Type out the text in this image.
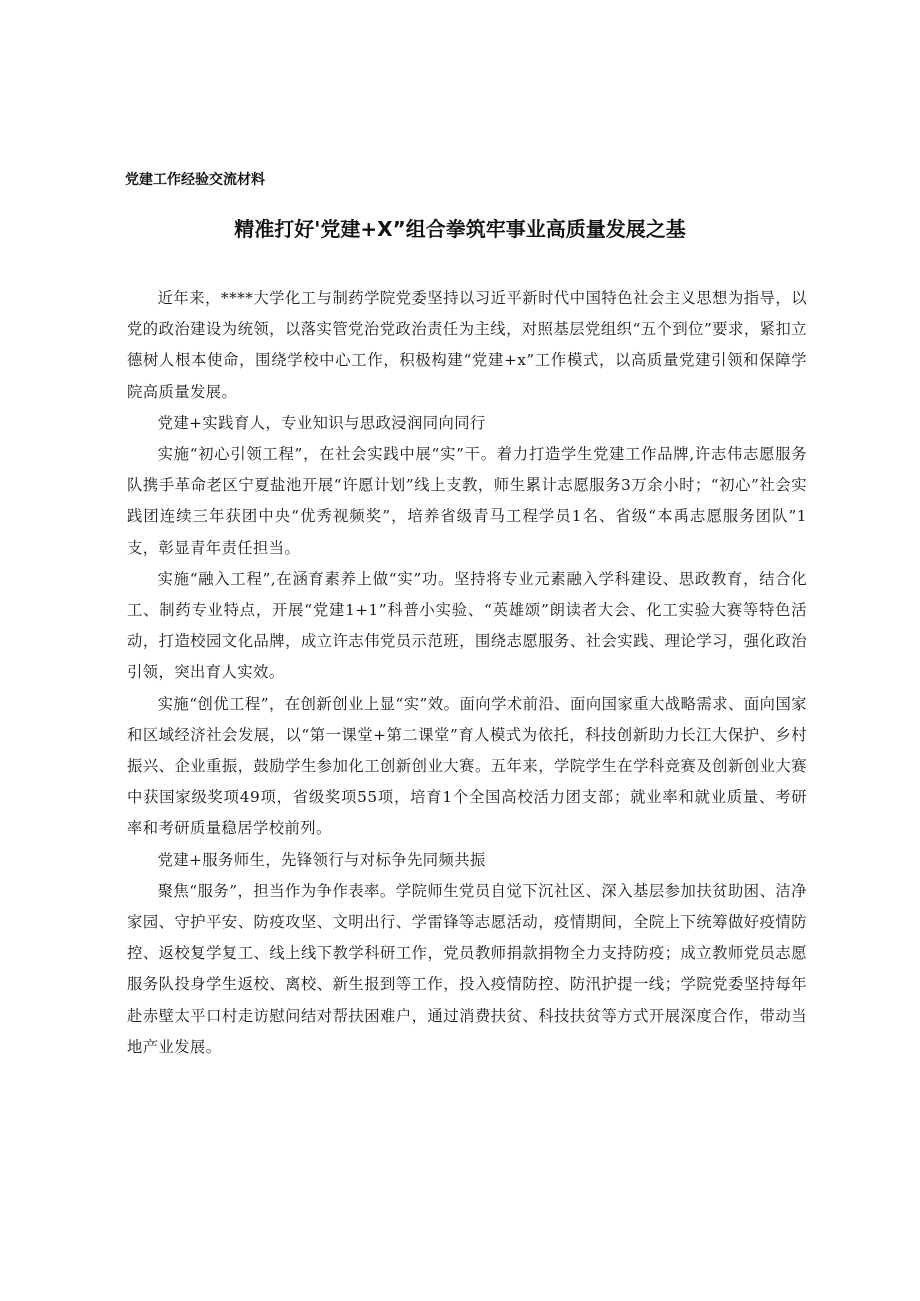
党建工作经验交流材料
精准打好'党建+X”组合拳筑牢事业高质量发展之基

近年来，****大学化工与制药学院党委坚持以习近平新时代中国特色社会主义思想为指导，以党的政治建设为统领，以落实管党治党政治责任为主线，对照基层党组织“五个到位”要求，紧扣立德树人根本使命，围绕学校中心工作，积极构建“党建+x”工作模式，以高质量党建引领和保障学院高质量发展。

党建+实践育人，专业知识与思政浸润同向同行

实施“初心引领工程”，在社会实践中展“实”干。着力打造学生党建工作品牌,许志伟志愿服务队携手革命老区宁夏盐池开展“许愿计划”线上支教，师生累计志愿服务3万余小时；“初心”社会实践团连续三年获团中央“优秀视频奖”，培养省级青马工程学员1名、省级“本禹志愿服务团队”1支，彰显青年责任担当。

实施“融入工程”,在涵育素养上做“实”功。坚持将专业元素融入学科建设、思政教育，结合化工、制药专业特点，开展“党建1+1”科普小实验、“英雄颂”朗读者大会、化工实验大赛等特色活动，打造校园文化品牌，成立许志伟党员示范班，围绕志愿服务、社会实践、理论学习，强化政治引领，突出育人实效。

实施“创优工程”，在创新创业上显“实”效。面向学术前沿、面向国家重大战略需求、面向国家和区域经济社会发展，以“第一课堂+第二课堂”育人模式为依托，科技创新助力长江大保护、乡村振兴、企业重振，鼓励学生参加化工创新创业大赛。五年来，学院学生在学科竞赛及创新创业大赛中获国家级奖项49项，省级奖项55项，培育1个全国高校活力团支部；就业率和就业质量、考研率和考研质量稳居学校前列。

党建+服务师生，先锋领行与对标争先同频共振

聚焦“服务”，担当作为争作表率。学院师生党员自觉下沉社区、深入基层参加扶贫助困、洁净家园、守护平安、防疫攻坚、文明出行、学雷锋等志愿活动，疫情期间，全院上下统筹做好疫情防控、返校复学复工、线上线下教学科研工作，党员教师捐款捐物全力支持防疫；成立教师党员志愿服务队投身学生返校、离校、新生报到等工作，投入疫情防控、防汛护提一线；学院党委坚持每年赴赤壁太平口村走访慰问结对帮扶困难户，通过消费扶贫、科技扶贫等方式开展深度合作，带动当地产业发展。
